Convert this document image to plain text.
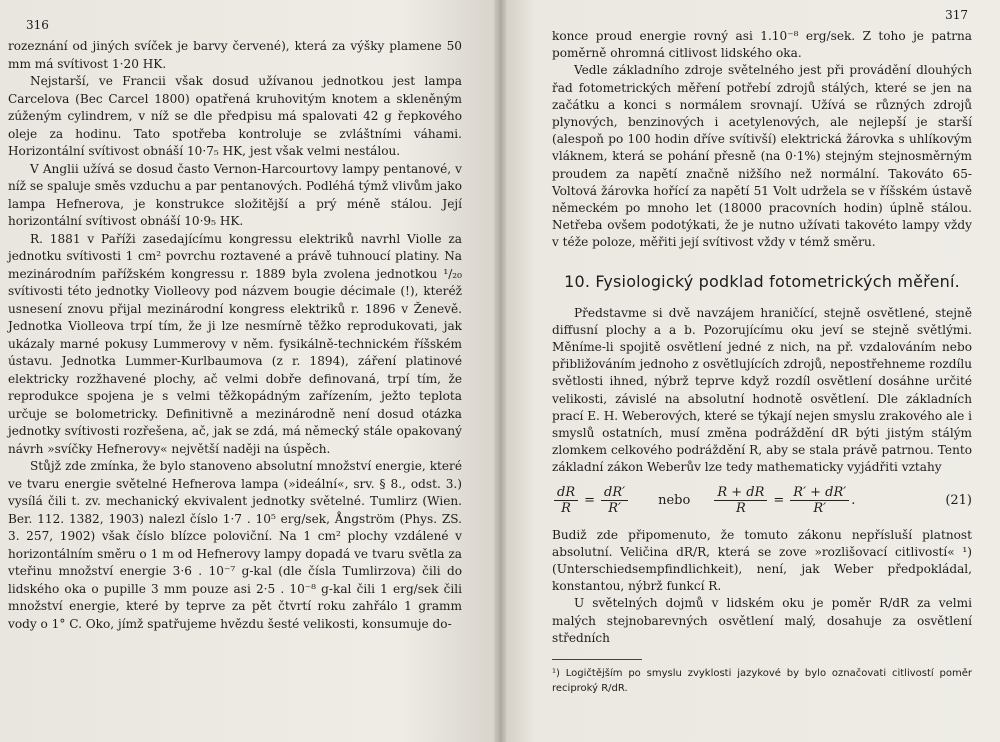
316

rozeznání od jiných svíček je barvy červené), která za výšky plamene 50 mm má svítivost 1·20 HK.

Nejstarší, ve Francii však dosud užívanou jednotkou jest lampa Carcelova (Bec Carcel 1800) opatřená kruhovitým knotem a skleněným zúženým cylindrem, v níž se dle předpisu má spalovati 42 g řepkového oleje za hodinu. Tato spotřeba kontroluje se zvláštními váhami. Horizontální svítivost obnáší 10·7₅ HK, jest však velmi nestálou.

V Anglii užívá se dosud často Vernon-Harcourtovy lampy pentanové, v níž se spaluje směs vzduchu a par pentanových. Podléhá týmž vlivům jako lampa Hefnerova, je konstrukce složitější a prý méně stálou. Její horizontální svítivost obnáší 10·9₅ HK.

R. 1881 v Paříži zasedajícímu kongressu elektriků navrhl Violle za jednotku svítivosti 1 cm² povrchu roztavené a právě tuhnoucí platiny. Na mezinárodním pařížském kongressu r. 1889 byla zvolena jednotkou ¹/₂₀ svítivosti této jednotky Violleovy pod názvem bougie décimale (!), kteréž usnesení znovu přijal mezinárodní kongress elektriků r. 1896 v Ženevě. Jednotka Violleova trpí tím, že ji lze nesmírně těžko reprodukovati, jak ukázaly marné pokusy Lummerovy v něm. fysikálně-technickém říšském ústavu. Jednotka Lummer-Kurlbaumova (z r. 1894), záření platinové elektricky rozžhavené plochy, ač velmi dobře definovaná, trpí tím, že reprodukce spojena je s velmi těžkopádným zařízením, ježto teplota určuje se bolometricky. Definitivně a mezinárodně není dosud otázka jednotky svítivosti rozřešena, ač, jak se zdá, má německý stále opakovaný návrh »svíčky Hefnerovy« největší naději na úspěch.

Stůjž zde zmínka, že bylo stanoveno absolutní množství energie, které ve tvaru energie světelné Hefnerova lampa (»ideální«, srv. § 8., odst. 3.) vysílá čili t. zv. mechanický ekvivalent jednotky světelné. Tumlirz (Wien. Ber. 112. 1382, 1903) nalezl číslo 1·7 . 10⁵ erg/sek, Ångström (Phys. ZS. 3. 257, 1902) však číslo blízce poloviční. Na 1 cm² plochy vzdálené v horizontálním směru o 1 m od Hefnerovy lampy dopadá ve tvaru světla za vteřinu množství energie 3·6 . 10⁻⁷ g-kal (dle čísla Tumlirzova) čili do lidského oka o pupille 3 mm pouze asi 2·5 . 10⁻⁸ g-kal čili 1 erg/sek čili množství energie, které by teprve za pět čtvrtí roku zahřálo 1 gramm vody o 1° C. Oko, jímž spatřujeme hvězdu šesté velikosti, konsumuje do-

317

konce proud energie rovný asi 1.10⁻⁸ erg/sek. Z toho je patrna poměrně ohromná citlivost lidského oka.

Vedle základního zdroje světelného jest při provádění dlouhých řad fotometrických měření potřebí zdrojů stálých, které se jen na začátku a konci s normálem srovnají. Užívá se různých zdrojů plynových, benzinových i acetylenových, ale nejlepší je starší (alespoň po 100 hodin dříve svítivší) elektrická žárovka s uhlíkovým vláknem, která se pohání přesně (na 0·1%) stejným stejnosměrným proudem za napětí značně nižšího než normální. Takováto 65-Voltová žárovka hořící za napětí 51 Volt udržela se v říšském ústavě německém po mnoho let (18000 pracovních hodin) úplně stálou. Netřeba ovšem podotýkati, že je nutno užívati takovéto lampy vždy v téže poloze, měřiti její svítivost vždy v témž směru.

10. Fysiologický podklad fotometrických měření.

Představme si dvě navzájem hraničící, stejně osvětlené, stejně diffusní plochy a a b. Pozorujícímu oku jeví se stejně světlými. Měníme-li spojitě osvětlení jedné z nich, na př. vzdalováním nebo přibližováním jednoho z osvětlujících zdrojů, nepostřehneme rozdílu světlosti ihned, nýbrž teprve když rozdíl osvětlení dosáhne určité velikosti, závislé na absolutní hodnotě osvětlení. Dle základních prací E. H. Weberových, které se týkají nejen smyslu zrakového ale i smyslů ostatních, musí změna podráždění dR býti jistým stálým zlomkem celkového podráždění R, aby se stala právě patrnou. Tento základní zákon Weberův lze tedy mathematicky vyjádřiti vztahy

$\frac{dR}{R} = \frac{dR'}{R'}$ nebo $\frac{R + dR}{R} = \frac{R' + dR'}{R'}$ .	(21)

Budiž zde připomenuto, že tomuto zákonu nepřísluší platnost absolutní. Veličina dR/R, která se zove »rozlišovací citlivostí« ¹) (Unterschiedsempfindlichkeit), není, jak Weber předpokládal, konstantou, nýbrž funkcí R.

U světelných dojmů v lidském oku je poměr R/dR za velmi malých stejnobarevných osvětlení malý, dosahuje za osvětlení středních

¹) Logičtějším po smyslu zvyklosti jazykové by bylo označovati citlivostí poměr reciproký R/dR.
